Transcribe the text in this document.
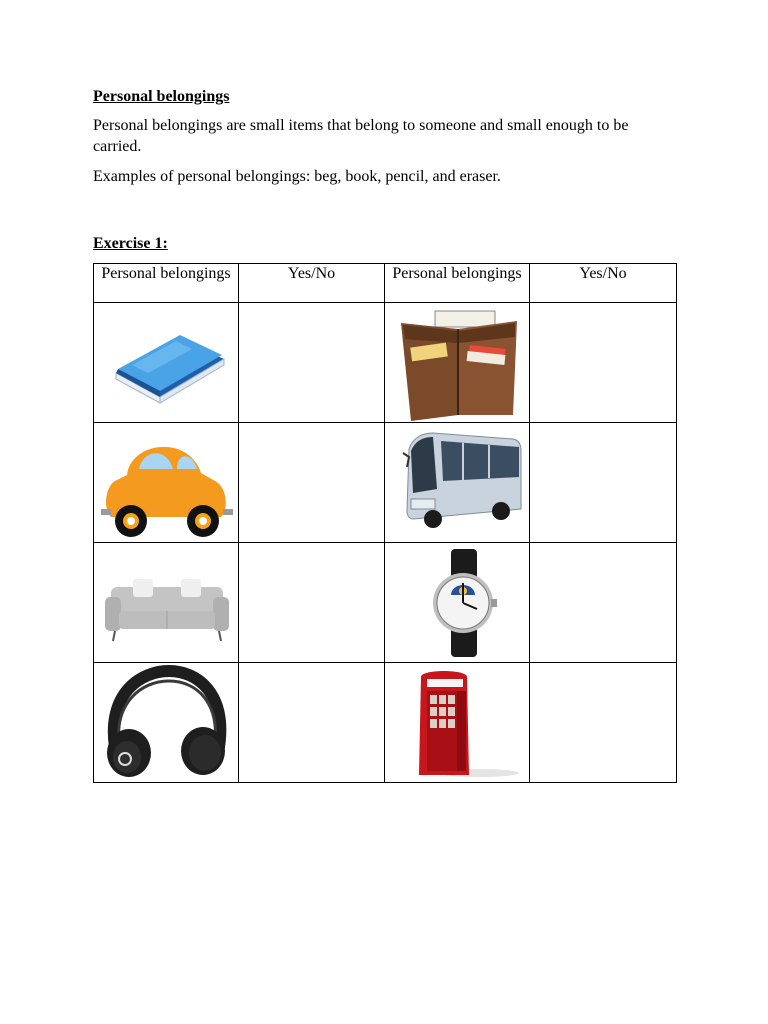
Personal belongings

Personal belongings are small items that belong to someone and small enough to be carried.

Examples of personal belongings: beg, book, pencil, and eraser.

Exercise 1:
Personal belongings	Yes/No	Personal belongings	Yes/No
